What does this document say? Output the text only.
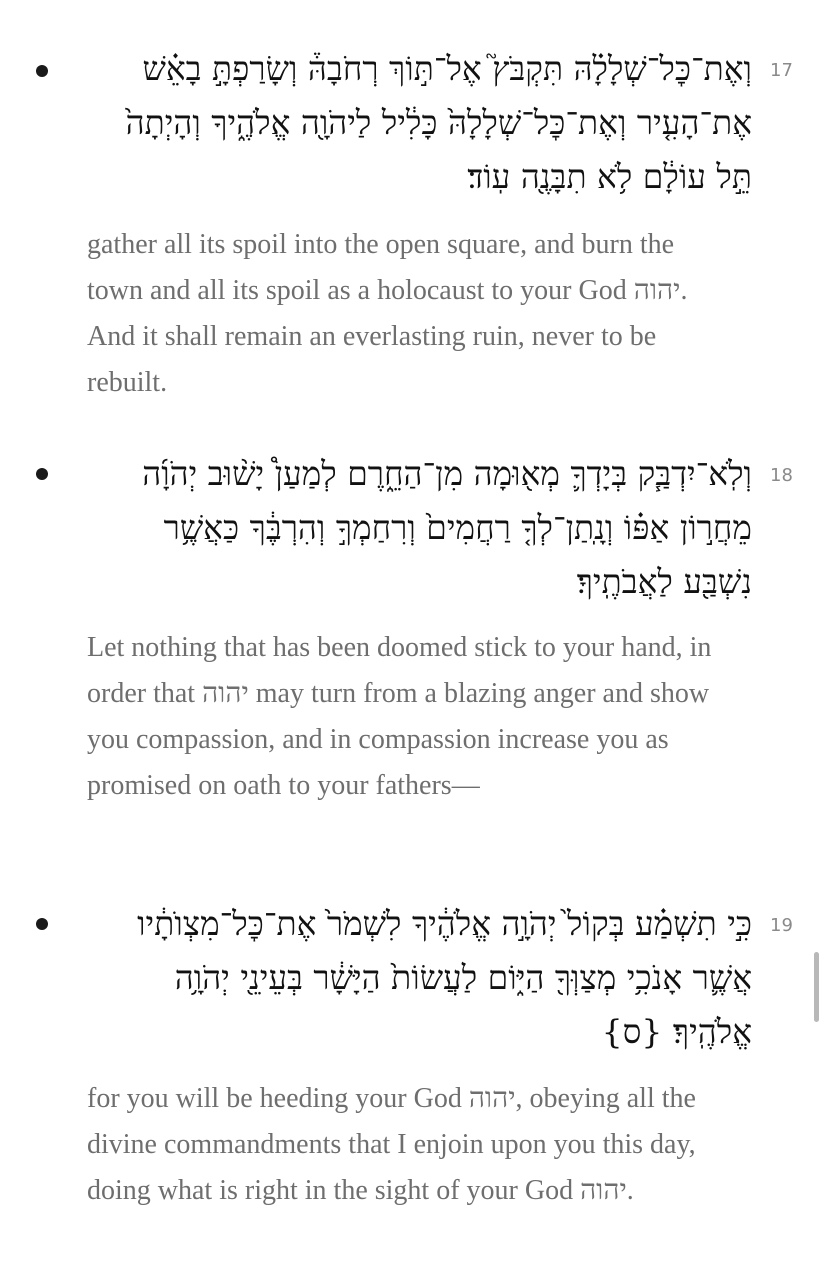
וְאֶת־כׇּל־שְׁלָלָ֗הּ תִּקְבֹּץ֮ אֶל־תּ֣וֹךְ רְחֹבָהּ֒ וְשָׂרַפְתָּ֣ בָאֵ֗שׁ אֶת־הָעִ֤יר וְאֶת־כׇּל־שְׁלָלָהּ֙ כָּלִ֔יל לַיהֹוָ֖ה אֱלֹהֶ֑יךָ וְהָיְתָה֙ תֵּ֣ל עוֹלָ֔ם לֹ֥א תִבָּנֶ֖ה עֽוֹד׃
17
gather all its spoil into the open square, and burn the town and all its spoil as a holocaust to your God יהוה. And it shall remain an everlasting ruin, never to be rebuilt.
וְלֹֽא־יִדְבַּ֧ק בְּיָדְךָ֛ מְא֖וּמָה מִן־הַחֵ֑רֶם לְמַעַן֩ יָשׁ֨וּב יְהֹוָ֜ה מֵחֲר֣וֹן אַפּ֗וֹ וְנָֽתַן־לְךָ֤ רַחֲמִים֙ וְרִחַמְךָ֣ וְהִרְבֶּ֔ךָ כַּאֲשֶׁ֥ר נִשְׁבַּ֖ע לַאֲבֹתֶֽיךָ׃
18
Let nothing that has been doomed stick to your hand, in order that יהוה may turn from a blazing anger and show you compassion, and in compassion increase you as promised on oath to your fathers—
כִּ֣י תִשְׁמַ֗ע בְּקוֹל֙ יְהֹוָ֣ה אֱלֹהֶ֔יךָ לִשְׁמֹר֙ אֶת־כׇּל־מִצְוֺתָ֔יו אֲשֶׁ֛ר אָנֹכִ֥י מְצַוְּךָ֖ הַיּ֑וֹם לַעֲשׂוֹת֙ הַיָּשָׁ֔ר בְּעֵינֵ֖י יְהֹוָ֥ה אֱלֹהֶֽיךָ׃ {ס}
19
for you will be heeding your God יהוה, obeying all the divine commandments that I enjoin upon you this day, doing what is right in the sight of your God יהוה.
